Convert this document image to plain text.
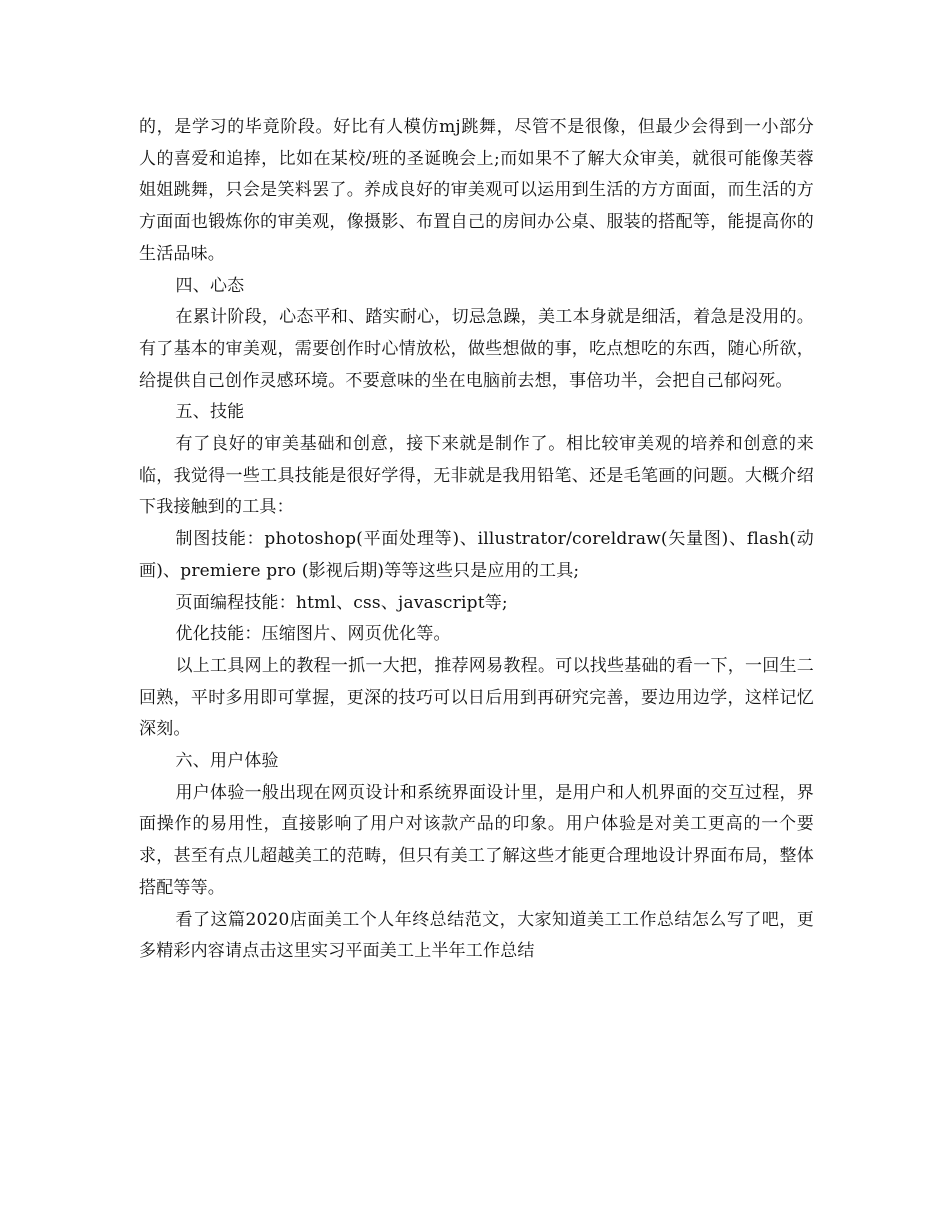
的，是学习的毕竟阶段。好比有人模仿mj跳舞，尽管不是很像，但最少会得到一小部分人的喜爱和追捧，比如在某校/班的圣诞晚会上;而如果不了解大众审美，就很可能像芙蓉姐姐跳舞，只会是笑料罢了。养成良好的审美观可以运用到生活的方方面面，而生活的方方面面也锻炼你的审美观，像摄影、布置自己的房间办公桌、服装的搭配等，能提高你的生活品味。

四、心态

在累计阶段，心态平和、踏实耐心，切忌急躁，美工本身就是细活，着急是没用的。有了基本的审美观，需要创作时心情放松，做些想做的事，吃点想吃的东西，随心所欲，给提供自己创作灵感环境。不要意味的坐在电脑前去想，事倍功半，会把自己郁闷死。

五、技能

有了良好的审美基础和创意，接下来就是制作了。相比较审美观的培养和创意的来临，我觉得一些工具技能是很好学得，无非就是我用铅笔、还是毛笔画的问题。大概介绍下我接触到的工具：

制图技能：photoshop(平面处理等)、illustrator/coreldraw(矢量图)、flash(动画)、premiere pro (影视后期)等等这些只是应用的工具;

页面编程技能：html、css、javascript等;

优化技能：压缩图片、网页优化等。

以上工具网上的教程一抓一大把，推荐网易教程。可以找些基础的看一下，一回生二回熟，平时多用即可掌握，更深的技巧可以日后用到再研究完善，要边用边学，这样记忆深刻。

六、用户体验

用户体验一般出现在网页设计和系统界面设计里，是用户和人机界面的交互过程，界面操作的易用性，直接影响了用户对该款产品的印象。用户体验是对美工更高的一个要求，甚至有点儿超越美工的范畴，但只有美工了解这些才能更合理地设计界面布局，整体搭配等等。

看了这篇2020店面美工个人年终总结范文，大家知道美工工作总结怎么写了吧，更多精彩内容请点击这里实习平面美工上半年工作总结
